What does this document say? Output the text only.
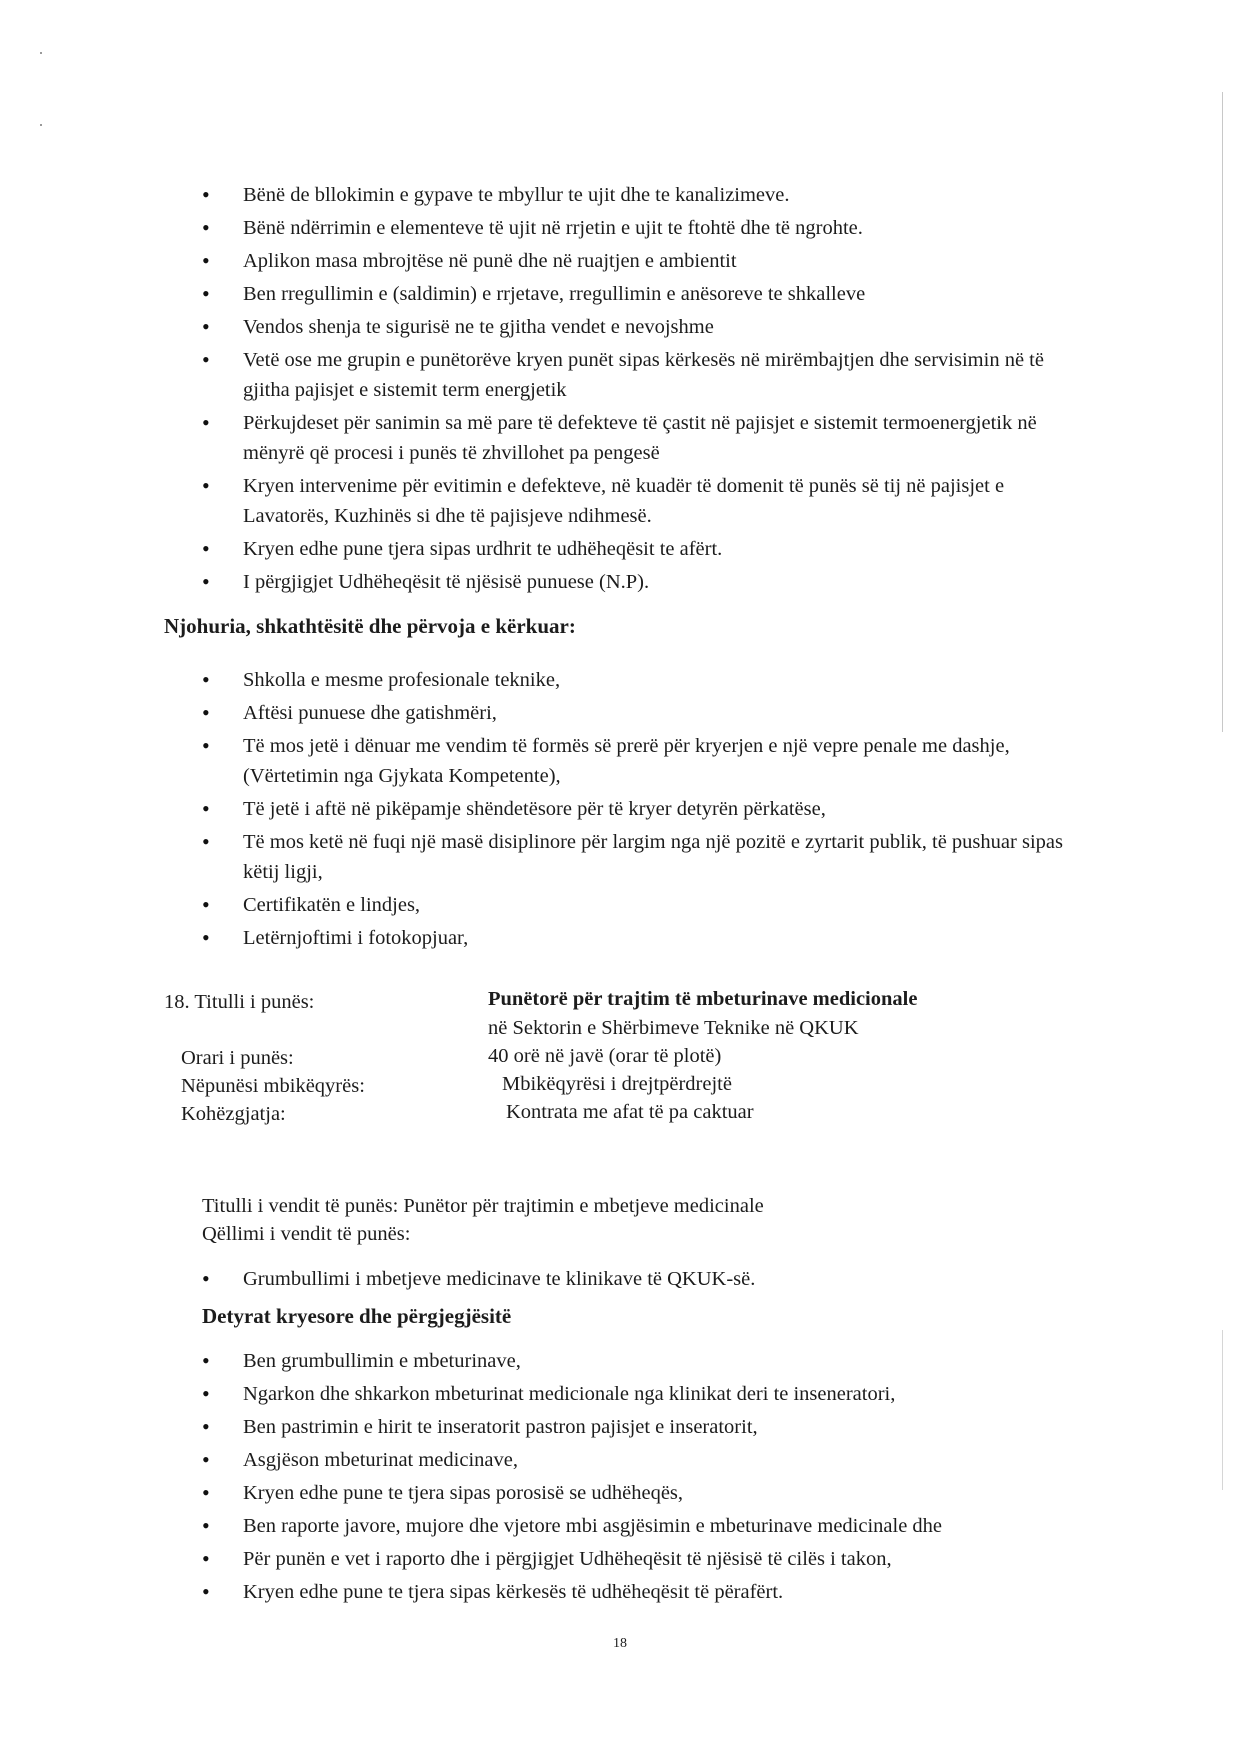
• Bënë de bllokimin e gypave te mbyllur te ujit dhe te kanalizimeve.
• Bënë ndërrimin e elementeve të ujit në rrjetin e ujit te ftohtë dhe të ngrohte.
• Aplikon masa mbrojtëse në punë dhe në ruajtjen e ambientit
• Ben rregullimin e (saldimin) e rrjetave, rregullimin e anësoreve te shkalleve
• Vendos shenja te sigurisë ne te gjitha vendet e nevojshme
• Vetë ose me grupin e punëtorëve kryen punët sipas kërkesës në mirëmbajtjen dhe servisimin në të gjitha pajisjet e sistemit term energjetik
• Përkujdeset për sanimin sa më pare të defekteve të çastit në pajisjet e sistemit termoenergjetik në mënyrë që procesi i punës të zhvillohet pa pengesë
• Kryen intervenime për evitimin e defekteve, në kuadër të domenit të punës së tij në pajisjet e Lavatorës, Kuzhinës si dhe të pajisjeve ndihmesë.
• Kryen edhe pune tjera sipas urdhrit te udhëheqësit te afërt.
• I përgjigjet Udhëheqësit të njësisë punuese (N.P).
Njohuria, shkathtësitë dhe përvoja e kërkuar:
• Shkolla e mesme profesionale teknike,
• Aftësi punuese dhe gatishmëri,
• Të mos jetë i dënuar me vendim të formës së prerë për kryerjen e një vepre penale me dashje, (Vërtetimin nga Gjykata Kompetente),
• Të jetë i aftë në pikëpamje shëndetësore për të kryer detyrën përkatëse,
• Të mos ketë në fuqi një masë disiplinore për largim nga një pozitë e zyrtarit publik, të pushuar sipas këtij ligji,
• Certifikatën e lindjes,
• Letërnjoftimi i fotokopjuar,
18. Titulli i punës:	Punëtorë për trajtim të mbeturinave medicionale
në Sektorin e Shërbimeve Teknike në QKUK
Orari i punës:	40 orë në javë (orar të plotë)
Nëpunësi mbikëqyrës:	Mbikëqyrësi i drejtpërdrejtë
Kohëzgjatja:	Kontrata me afat të pa caktuar

Titulli i vendit të punës: Punëtor për trajtimin e mbetjeve medicinale

Qëllimi i vendit të punës:

• Grumbullimi i mbetjeve medicinave te klinikave të QKUK-së.
Detyrat kryesore dhe përgjegjësitë
• Ben grumbullimin e mbeturinave,
• Ngarkon dhe shkarkon mbeturinat medicionale nga klinikat deri te inseneratori,
• Ben pastrimin e hirit te inseratorit pastron pajisjet e inseratorit,
• Asgjëson mbeturinat medicinave,
• Kryen edhe pune te tjera sipas porosisë se udhëheqës,
• Ben raporte javore, mujore dhe vjetore mbi asgjësimin e mbeturinave medicinale dhe
• Për punën e vet i raporto dhe i përgjigjet Udhëheqësit të njësisë të cilës i takon,
• Kryen edhe pune te tjera sipas kërkesës të udhëheqësit të përafërt.
18
